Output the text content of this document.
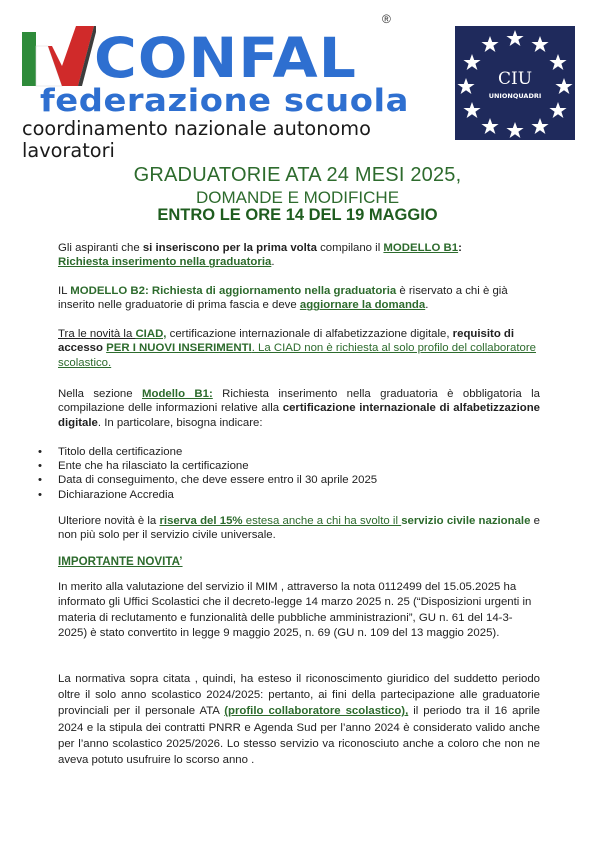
CONFAL
®
federazione scuola
coordinamento nazionale autonomo lavoratori
CIU
UNIONQUADRI
GRADUATORIE ATA 24 MESI 2025,
DOMANDE E MODIFICHE
ENTRO LE ORE 14 DEL 19 MAGGIO
Gli aspiranti che si inseriscono per la prima volta compilano il MODELLO B1:
Richiesta inserimento nella graduatoria.
IL MODELLO B2: Richiesta di aggiornamento nella graduatoria è riservato a chi è già inserito nelle graduatorie di prima fascia e deve aggiornare la domanda.
Tra le novità la CIAD, certificazione internazionale di alfabetizzazione digitale, requisito di accesso PER I NUOVI INSERIMENTI. La CIAD non è richiesta al solo profilo del collaboratore scolastico.
Nella sezione Modello B1: Richiesta inserimento nella graduatoria è obbligatoria la compilazione delle informazioni relative alla certificazione internazionale di alfabetizzazione digitale. In particolare, bisogna indicare:
• Titolo della certificazione
• Ente che ha rilasciato la certificazione
• Data di conseguimento, che deve essere entro il 30 aprile 2025
• Dichiarazione Accredia
Ulteriore novità è la riserva del 15% estesa anche a chi ha svolto il servizio civile nazionale e non più solo per il servizio civile universale.
IMPORTANTE NOVITA’
In merito alla valutazione del servizio il MIM , attraverso la nota 0112499 del 15.05.2025 ha informato gli Uffici Scolastici che il decreto-legge 14 marzo 2025 n. 25 (“Disposizioni urgenti in materia di reclutamento e funzionalità delle pubbliche amministrazioni”, GU n. 61 del 14-3- 2025) è stato convertito in legge 9 maggio 2025, n. 69 (GU n. 109 del 13 maggio 2025).
La normativa sopra citata , quindi, ha esteso il riconoscimento giuridico del suddetto periodo oltre il solo anno scolastico 2024/2025: pertanto, ai fini della partecipazione alle graduatorie provinciali per il personale ATA (profilo collaboratore scolastico), il periodo tra il 16 aprile 2024 e la stipula dei contratti PNRR e Agenda Sud per l’anno 2024 è considerato valido anche per l’anno scolastico 2025/2026. Lo stesso servizio va riconosciuto anche a coloro che non ne aveva potuto usufruire lo scorso anno .
